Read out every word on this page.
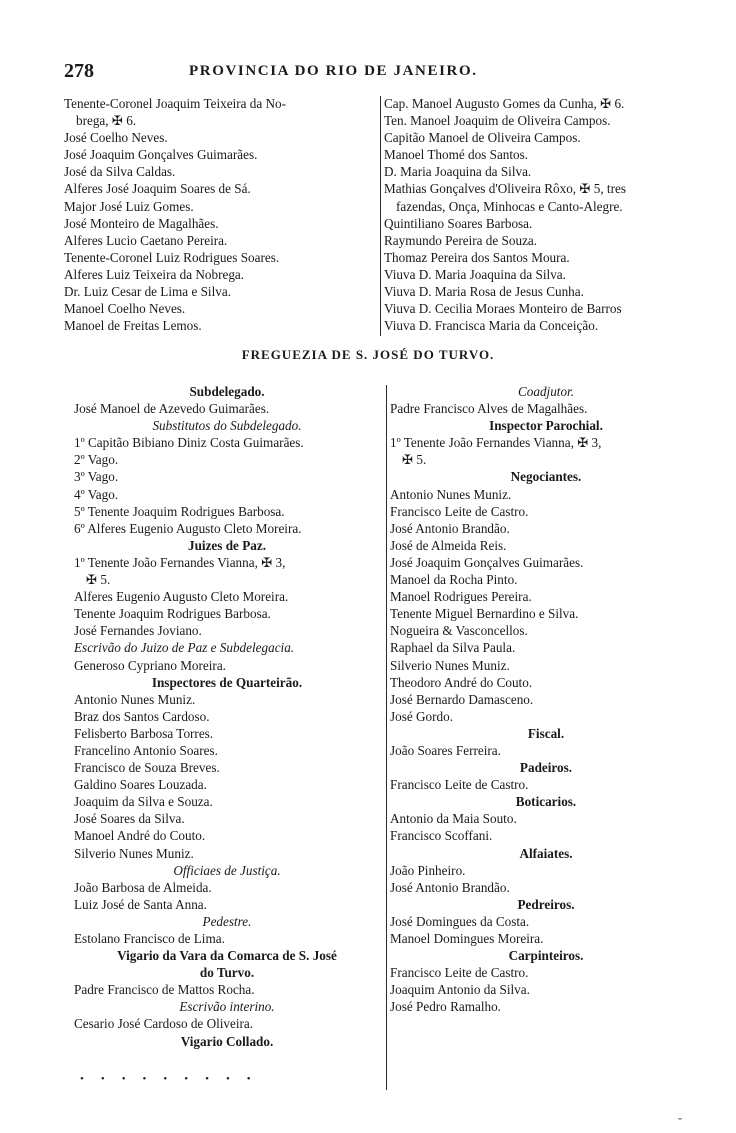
278	PROVINCIA DO RIO DE JANEIRO.
Tenente-Coronel Joaquim Teixeira da No-
brega, ✠ 6.
José Coelho Neves.
José Joaquim Gonçalves Guimarães.
José da Silva Caldas.
Alferes José Joaquim Soares de Sá.
Major José Luiz Gomes.
José Monteiro de Magalhães.
Alferes Lucio Caetano Pereira.
Tenente-Coronel Luiz Rodrigues Soares.
Alferes Luiz Teixeira da Nobrega.
Dr. Luiz Cesar de Lima e Silva.
Manoel Coelho Neves.
Manoel de Freitas Lemos.
Cap. Manoel Augusto Gomes da Cunha, ✠ 6.
Ten. Manoel Joaquim de Oliveira Campos.
Capitão Manoel de Oliveira Campos.
Manoel Thomé dos Santos.
D. Maria Joaquina da Silva.
Mathias Gonçalves d'Oliveira Rôxo, ✠ 5, tres
fazendas, Onça, Minhocas e Canto-Alegre.
Quintiliano Soares Barbosa.
Raymundo Pereira de Souza.
Thomaz Pereira dos Santos Moura.
Viuva D. Maria Joaquina da Silva.
Viuva D. Maria Rosa de Jesus Cunha.
Viuva D. Cecilia Moraes Monteiro de Barros
Viuva D. Francisca Maria da Conceição.
FREGUEZIA DE S. JOSÉ DO TURVO.
Subdelegado.
José Manoel de Azevedo Guimarães.
Substitutos do Subdelegado.
1º Capitão Bibiano Diniz Costa Guimarães.
2º Vago.
3º Vago.
4º Vago.
5º Tenente Joaquim Rodrigues Barbosa.
6º Alferes Eugenio Augusto Cleto Moreira.
Juizes de Paz.
1º Tenente João Fernandes Vianna, ✠ 3,
✠ 5.
Alferes Eugenio Augusto Cleto Moreira.
Tenente Joaquim Rodrigues Barbosa.
José Fernandes Joviano.
Escrivão do Juizo de Paz e Subdelegacia.
Generoso Cypriano Moreira.
Inspectores de Quarteirão.
Antonio Nunes Muniz.
Braz dos Santos Cardoso.
Felisberto Barbosa Torres.
Francelino Antonio Soares.
Francisco de Souza Breves.
Galdino Soares Louzada.
Joaquim da Silva e Souza.
José Soares da Silva.
Manoel André do Couto.
Silverio Nunes Muniz.
Officiaes de Justiça.
João Barbosa de Almeida.
Luiz José de Santa Anna.
Pedestre.
Estolano Francisco de Lima.
Vigario da Vara da Comarca de S. José
do Turvo.
Padre Francisco de Mattos Rocha.
Escrivão interino.
Cesario José Cardoso de Oliveira.
Vigario Collado.
Coadjutor.
Padre Francisco Alves de Magalhães.
Inspector Parochial.
1º Tenente João Fernandes Vianna, ✠ 3,
✠ 5.
Negociantes.
Antonio Nunes Muniz.
Francisco Leite de Castro.
José Antonio Brandão.
José de Almeida Reis.
José Joaquim Gonçalves Guimarães.
Manoel da Rocha Pinto.
Manoel Rodrigues Pereira.
Tenente Miguel Bernardino e Silva.
Nogueira & Vasconcellos.
Raphael da Silva Paula.
Silverio Nunes Muniz.
Theodoro André do Couto.
José Bernardo Damasceno.
José Gordo.
Fiscal.
João Soares Ferreira.
Padeiros.
Francisco Leite de Castro.
Boticarios.
Antonio da Maia Souto.
Francisco Scoffani.
Alfaiates.
João Pinheiro.
José Antonio Brandão.
Pedreiros.
José Domingues da Costa.
Manoel Domingues Moreira.
Carpinteiros.
Francisco Leite de Castro.
Joaquim Antonio da Silva.
José Pedro Ramalho.
•••••••••
˘
